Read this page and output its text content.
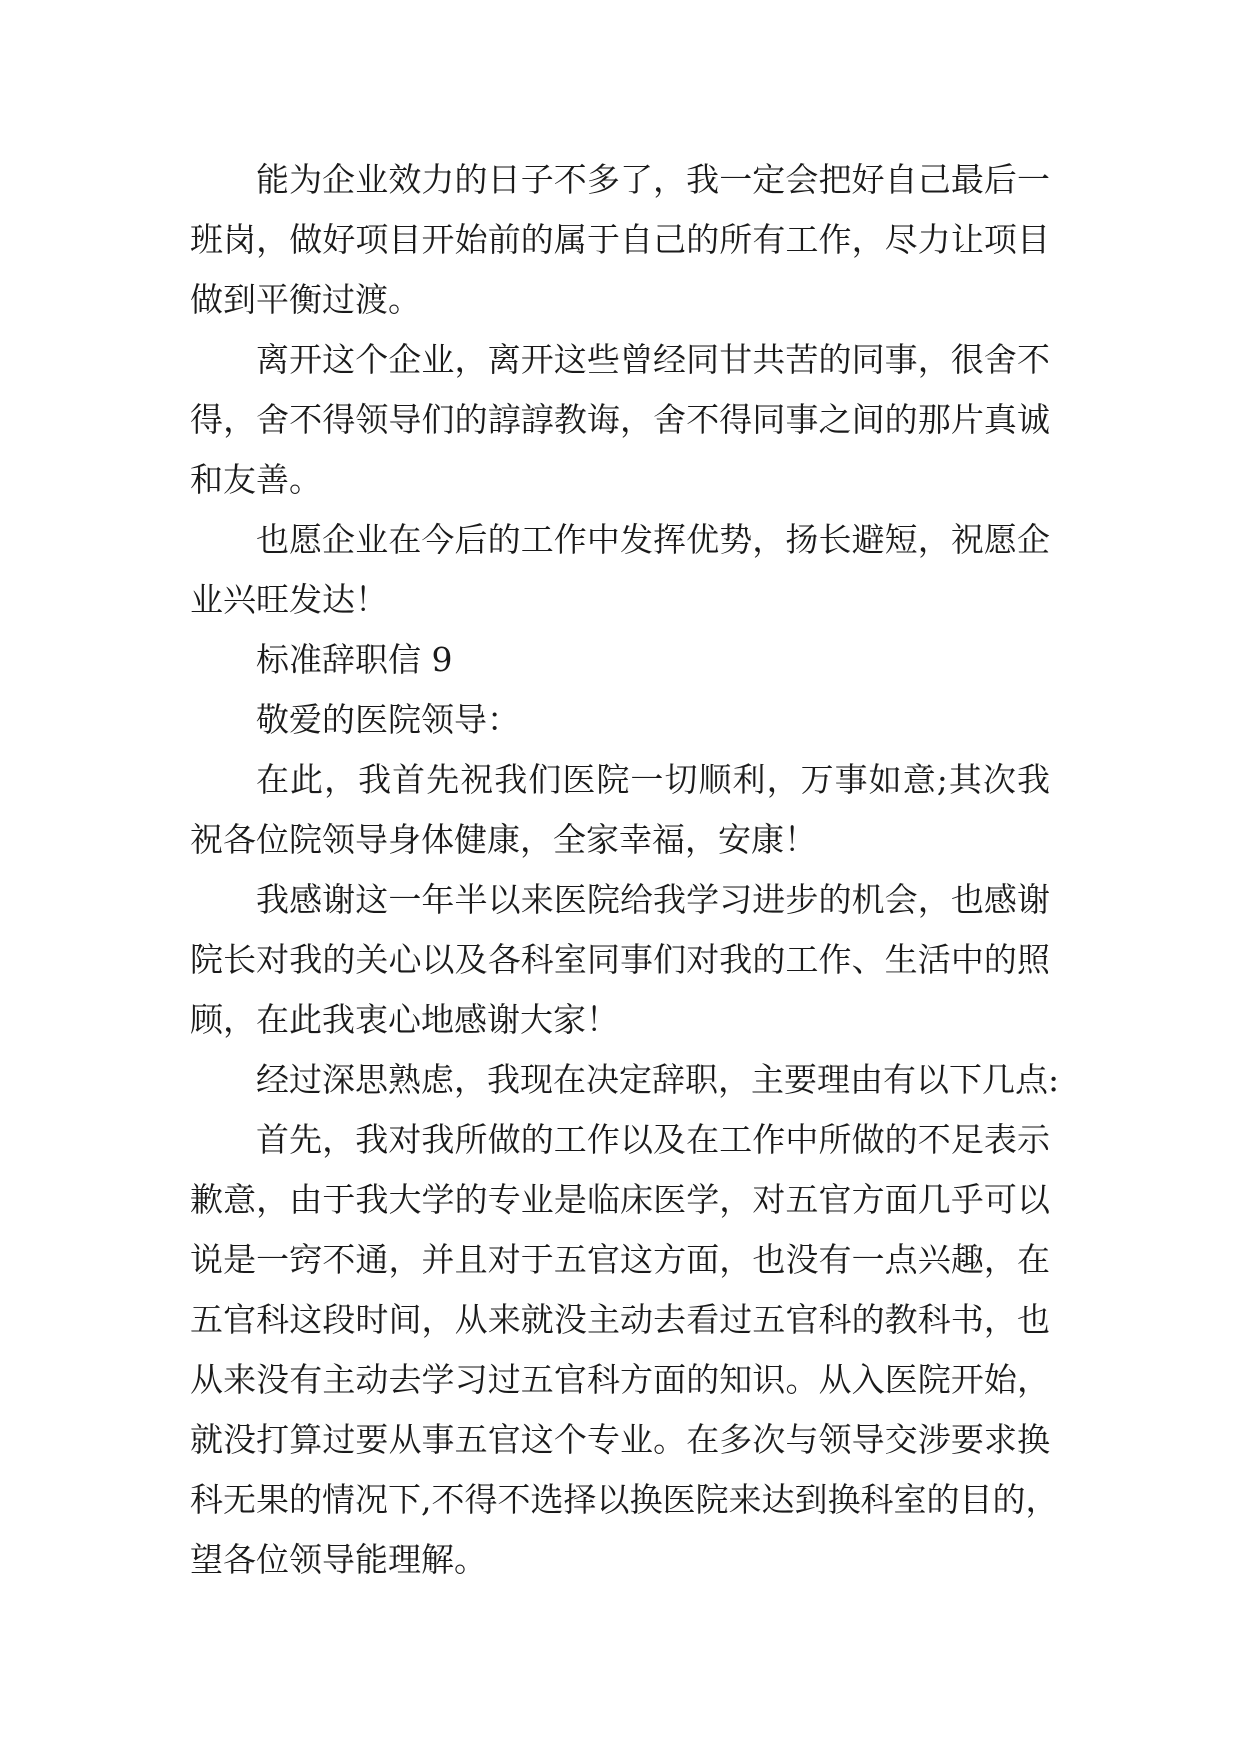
能为企业效力的日子不多了，我一定会把好自己最后一
班岗，做好项目开始前的属于自己的所有工作，尽力让项目
做到平衡过渡。
离开这个企业，离开这些曾经同甘共苦的同事，很舍不
得，舍不得领导们的諄諄教诲，舍不得同事之间的那片真诚
和友善。
也愿企业在今后的工作中发挥优势，扬长避短，祝愿企
业兴旺发达！
标准辞职信 9
敬爱的医院领导：
在此，我首先祝我们医院一切顺利，万事如意;其次我
祝各位院领导身体健康，全家幸福，安康！
我感谢这一年半以来医院给我学习进步的机会，也感谢
院长对我的关心以及各科室同事们对我的工作、生活中的照
顾，在此我衷心地感谢大家！
经过深思熟虑，我现在决定辞职，主要理由有以下几点:
首先，我对我所做的工作以及在工作中所做的不足表示
歉意，由于我大学的专业是临床医学，对五官方面几乎可以
说是一窍不通，并且对于五官这方面，也没有一点兴趣，在
五官科这段时间，从来就没主动去看过五官科的教科书，也
从来没有主动去学习过五官科方面的知识。从入医院开始，
就没打算过要从事五官这个专业。在多次与领导交涉要求换
科无果的情况下,不得不选择以换医院来达到换科室的目的，
望各位领导能理解。
